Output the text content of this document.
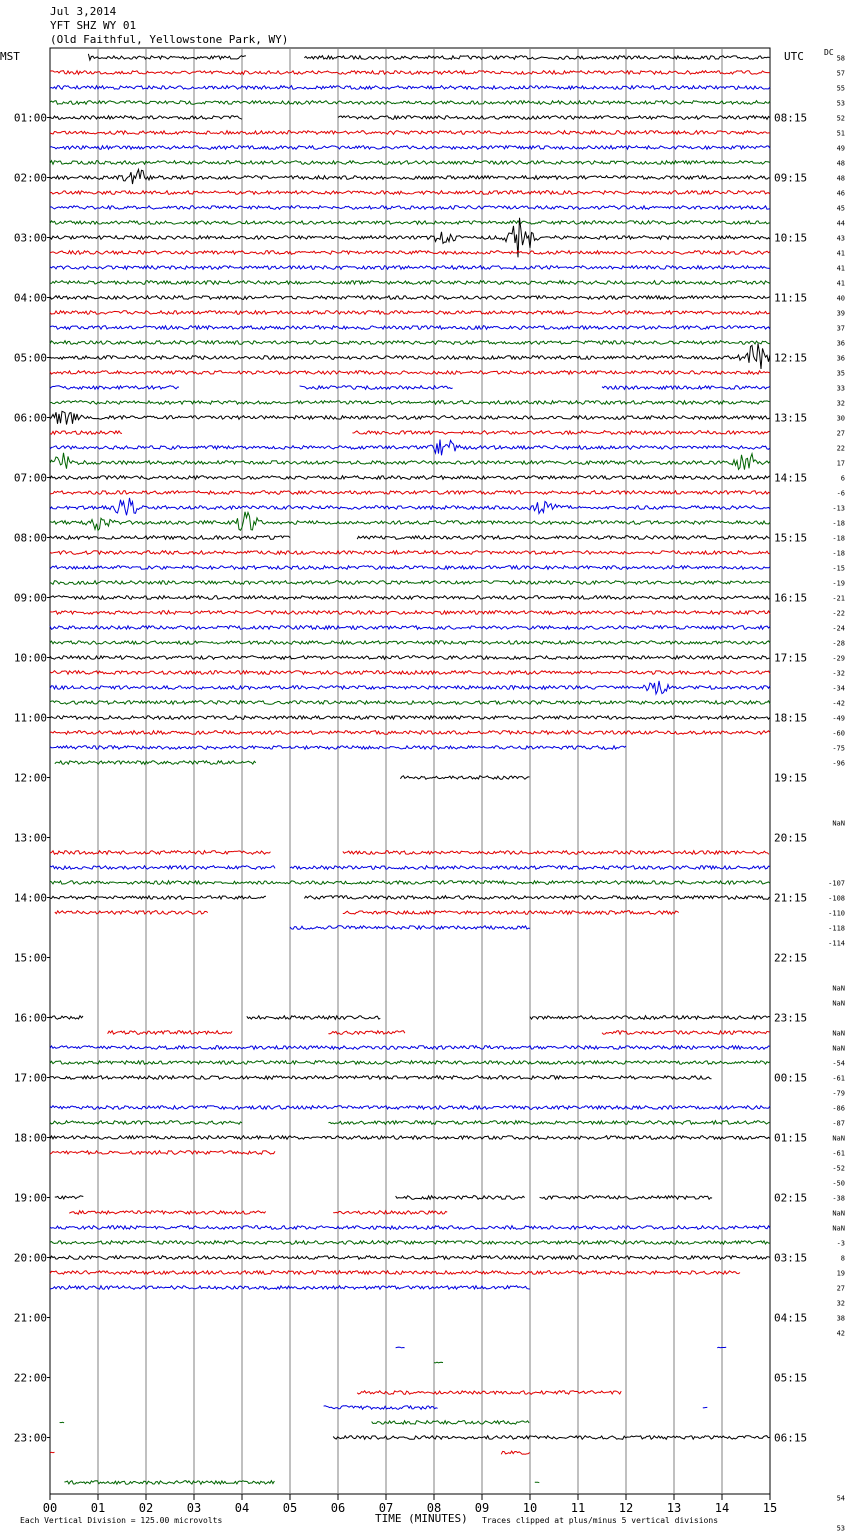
Jul 3,2014
YFT SHZ WY 01
(Old Faithful, Yellowstone Park, WY)
MST	UTC	DC
00	01	02	03	04	05	06	07	08	09	10	11	12	13	14	15
Each Vertical Division = 125.00 microvolts	TIME (MINUTES) Traces clipped at plus/minus 5 vertical divisions
01:00
02:00
03:00
04:00
05:00
06:00
07:00
08:00
09:00
10:00
11:00
12:00
13:00
14:00
15:00
16:00
17:00
18:00
19:00
20:00
21:00
22:00
23:00
08:15
09:15
10:15
11:15
12:15
13:15
14:15
15:15
16:15
17:15
18:15
19:15
20:15
21:15
22:15
23:15
00:15
01:15
02:15
03:15
04:15
05:15
06:15
58
57
55
53
52
51
49
48
48
46
45
44
43
41
41
41
40
39
37
36
36
35
33
32
30
27
22
17
6
-6
-13
-18
-18
-18
-15
-19
-21
-22
-24
-28
-29
-32
-34
-42
-49
-60
-75
-96
NaN
-107
-108
-110
-118
-114
NaN
NaN
NaN
NaN
-54
-61
-79
-86
-87
NaN
-61
-52
-50
-38
NaN
NaN
-3
8
19
27
32
38
42
54
53
